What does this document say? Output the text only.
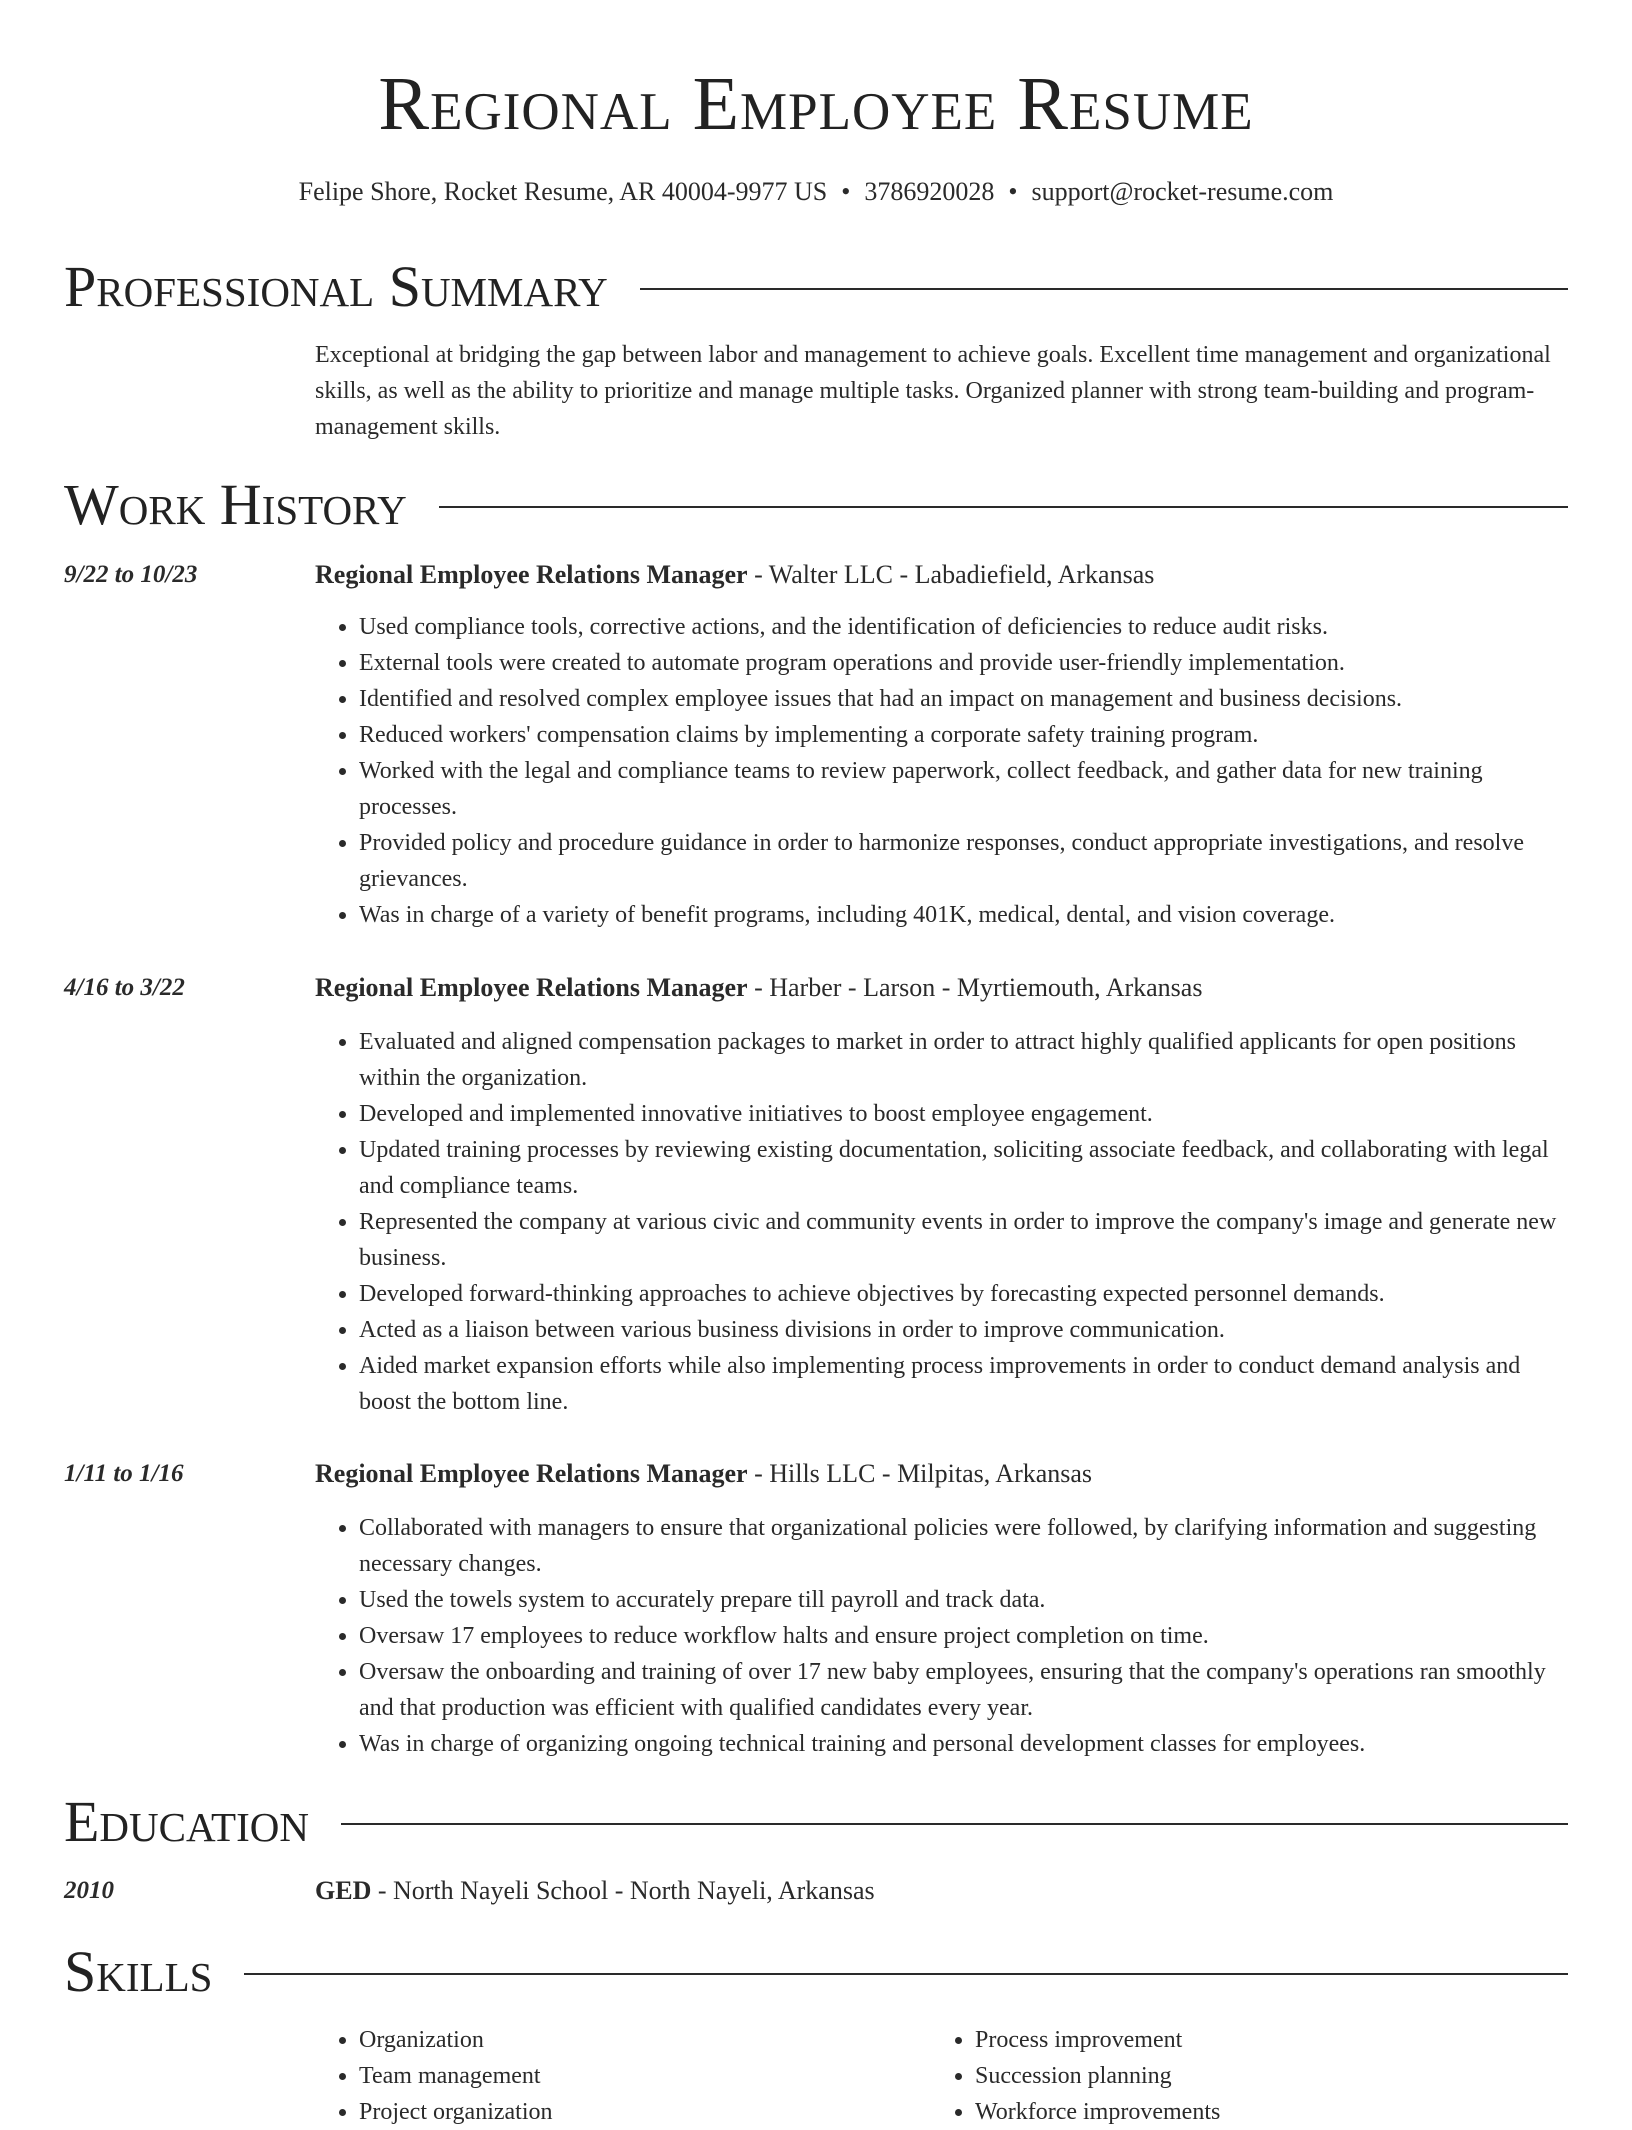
Regional Employee Resume
Felipe Shore, Rocket Resume, AR 40004-9977 US • 3786920028 • support@rocket-resume.com
Professional Summary
Exceptional at bridging the gap between labor and management to achieve goals. Excellent time management and organizational skills, as well as the ability to prioritize and manage multiple tasks. Organized planner with strong team-building and program-management skills.
Work History
9/22 to 10/23	Regional Employee Relations Manager - Walter LLC - Labadiefield, Arkansas
• Used compliance tools, corrective actions, and the identification of deficiencies to reduce audit risks.
• External tools were created to automate program operations and provide user-friendly implementation.
• Identified and resolved complex employee issues that had an impact on management and business decisions.
• Reduced workers' compensation claims by implementing a corporate safety training program.
• Worked with the legal and compliance teams to review paperwork, collect feedback, and gather data for new training processes.
• Provided policy and procedure guidance in order to harmonize responses, conduct appropriate investigations, and resolve grievances.
• Was in charge of a variety of benefit programs, including 401K, medical, dental, and vision coverage.
4/16 to 3/22	Regional Employee Relations Manager - Harber - Larson - Myrtiemouth, Arkansas
• Evaluated and aligned compensation packages to market in order to attract highly qualified applicants for open positions within the organization.
• Developed and implemented innovative initiatives to boost employee engagement.
• Updated training processes by reviewing existing documentation, soliciting associate feedback, and collaborating with legal and compliance teams.
• Represented the company at various civic and community events in order to improve the company's image and generate new business.
• Developed forward-thinking approaches to achieve objectives by forecasting expected personnel demands.
• Acted as a liaison between various business divisions in order to improve communication.
• Aided market expansion efforts while also implementing process improvements in order to conduct demand analysis and boost the bottom line.
1/11 to 1/16	Regional Employee Relations Manager - Hills LLC - Milpitas, Arkansas
• Collaborated with managers to ensure that organizational policies were followed, by clarifying information and suggesting necessary changes.
• Used the towels system to accurately prepare till payroll and track data.
• Oversaw 17 employees to reduce workflow halts and ensure project completion on time.
• Oversaw the onboarding and training of over 17 new baby employees, ensuring that the company's operations ran smoothly and that production was efficient with qualified candidates every year.
• Was in charge of organizing ongoing technical training and personal development classes for employees.
Education
2010	GED - North Nayeli School - North Nayeli, Arkansas
Skills
• Organization
• Team management
• Project organization
• Process improvement
• Succession planning
• Workforce improvements
